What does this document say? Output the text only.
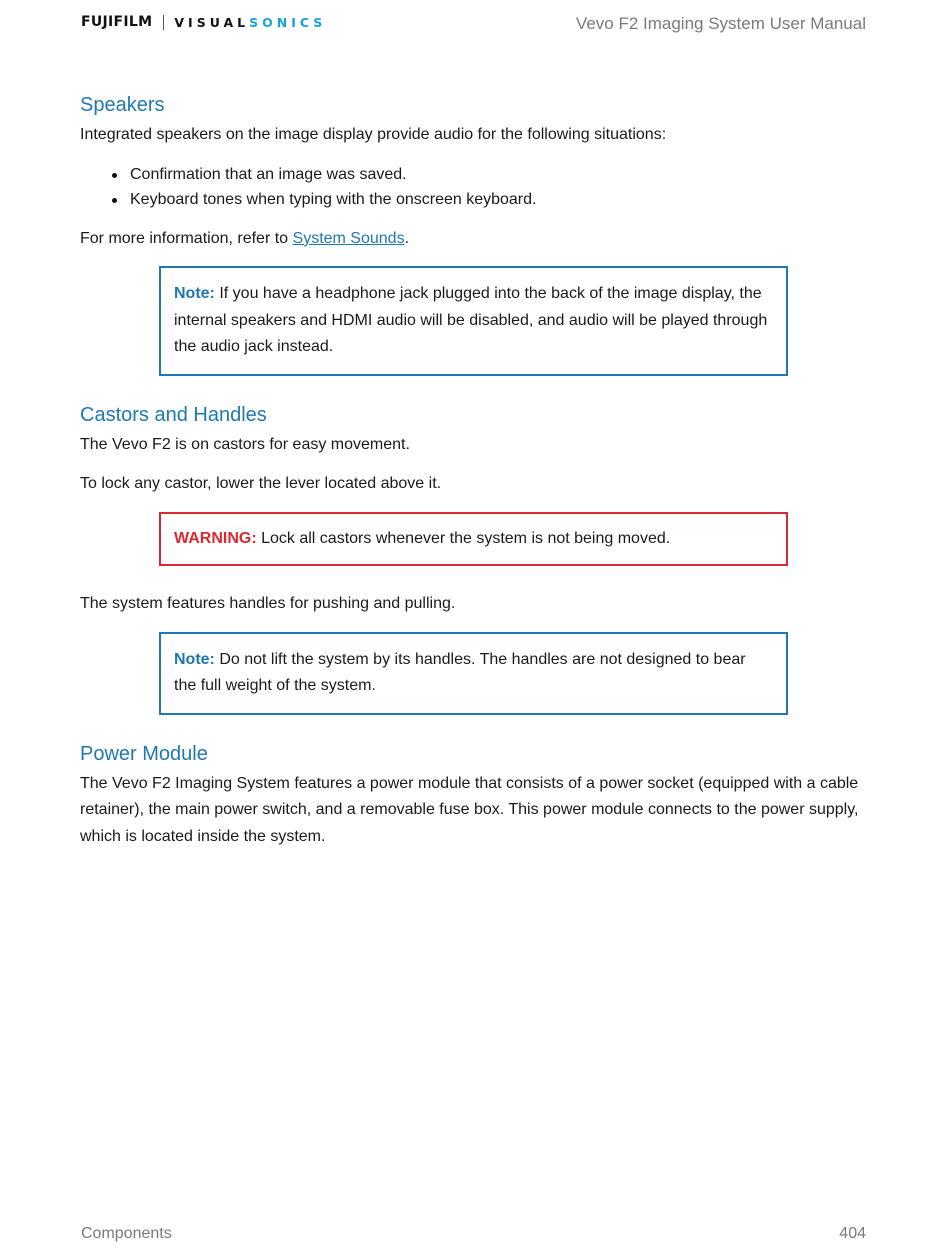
FUJIFILM VISUAL SONICS	Vevo F2 Imaging System User Manual
Speakers

Integrated speakers on the image display provide audio for the following situations:

Confirmation that an image was saved.
Keyboard tones when typing with the onscreen keyboard.

For more information, refer to System Sounds.

Note: If you have a headphone jack plugged into the back of the image display, the internal speakers and HDMI audio will be disabled, and audio will be played through the audio jack instead.

Castors and Handles

The Vevo F2 is on castors for easy movement.

To lock any castor, lower the lever located above it.

WARNING: Lock all castors whenever the system is not being moved.

The system features handles for pushing and pulling.

Note: Do not lift the system by its handles. The handles are not designed to bear the full weight of the system.

Power Module

The Vevo F2 Imaging System features a power module that consists of a power socket (equipped with a cable retainer), the main power switch, and a removable fuse box. This power module connects to the power supply, which is located inside the system.

Components	404
